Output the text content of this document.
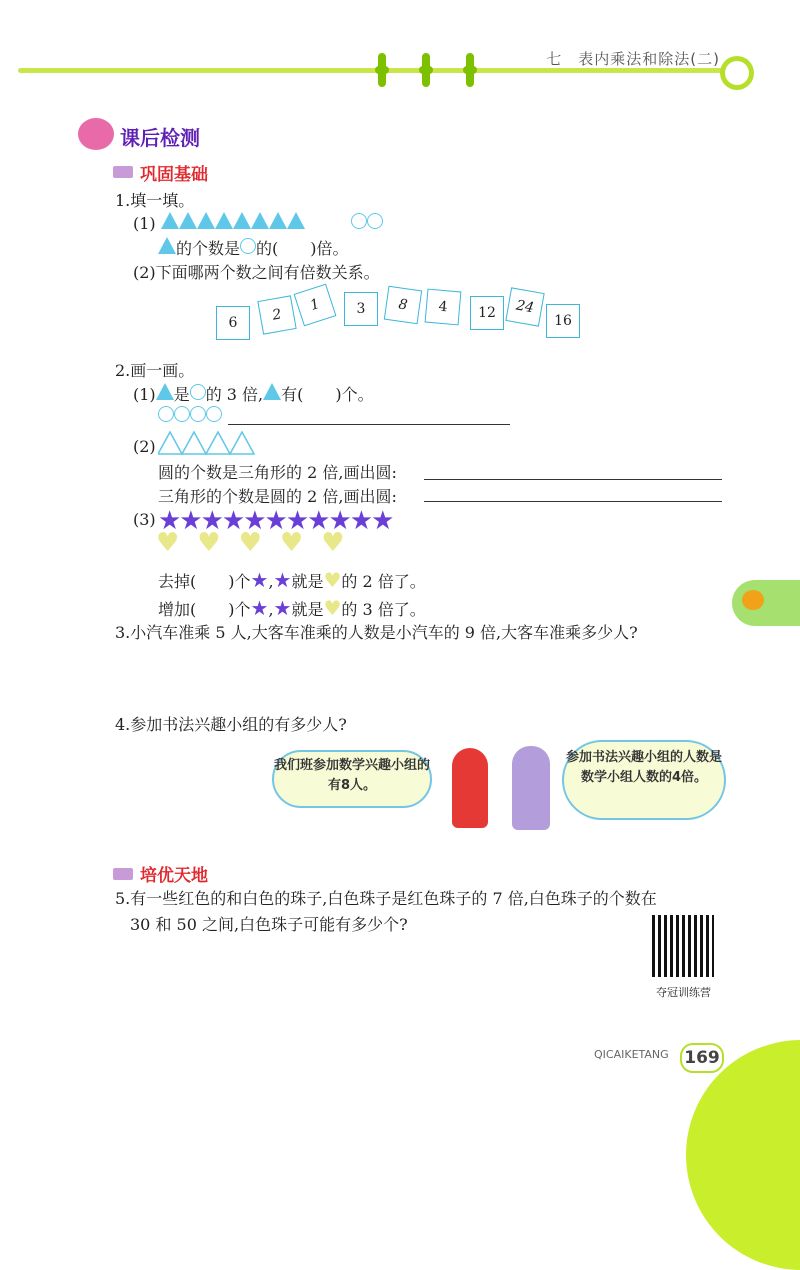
七　表内乘法和除法(二)
课后检测
巩固基础
1.填一填。
(1)
的个数是 的(　　)倍。
(2)下面哪两个数之间有倍数关系。
6 2
1 3 8 4 12 24
16
2.画一画。
(1) 是 的 3 倍, 有(　　)个。
(2)
圆的个数是三角形的 2 倍,画出圆:
三角形的个数是圆的 2 倍,画出圆:
(3) ★★★★★★★★★★★
♥♥♥♥♥
去掉(　　)个★,★就是♥的 2 倍了。
增加(　　)个★,★就是♥的 3 倍了。
3.小汽车准乘 5 人,大客车准乘的人数是小汽车的 9 倍,大客车准乘多少人?
4.参加书法兴趣小组的有多少人?
我们班参加数学兴趣小组的有8人。
参加书法兴趣小组的人数是数学小组人数的4倍。
培优天地
5.有一些红色的和白色的珠子,白色珠子是红色珠子的 7 倍,白色珠子的个数在
30 和 50 之间,白色珠子可能有多少个?
夺冠训练营
QICAIKETANG 169
